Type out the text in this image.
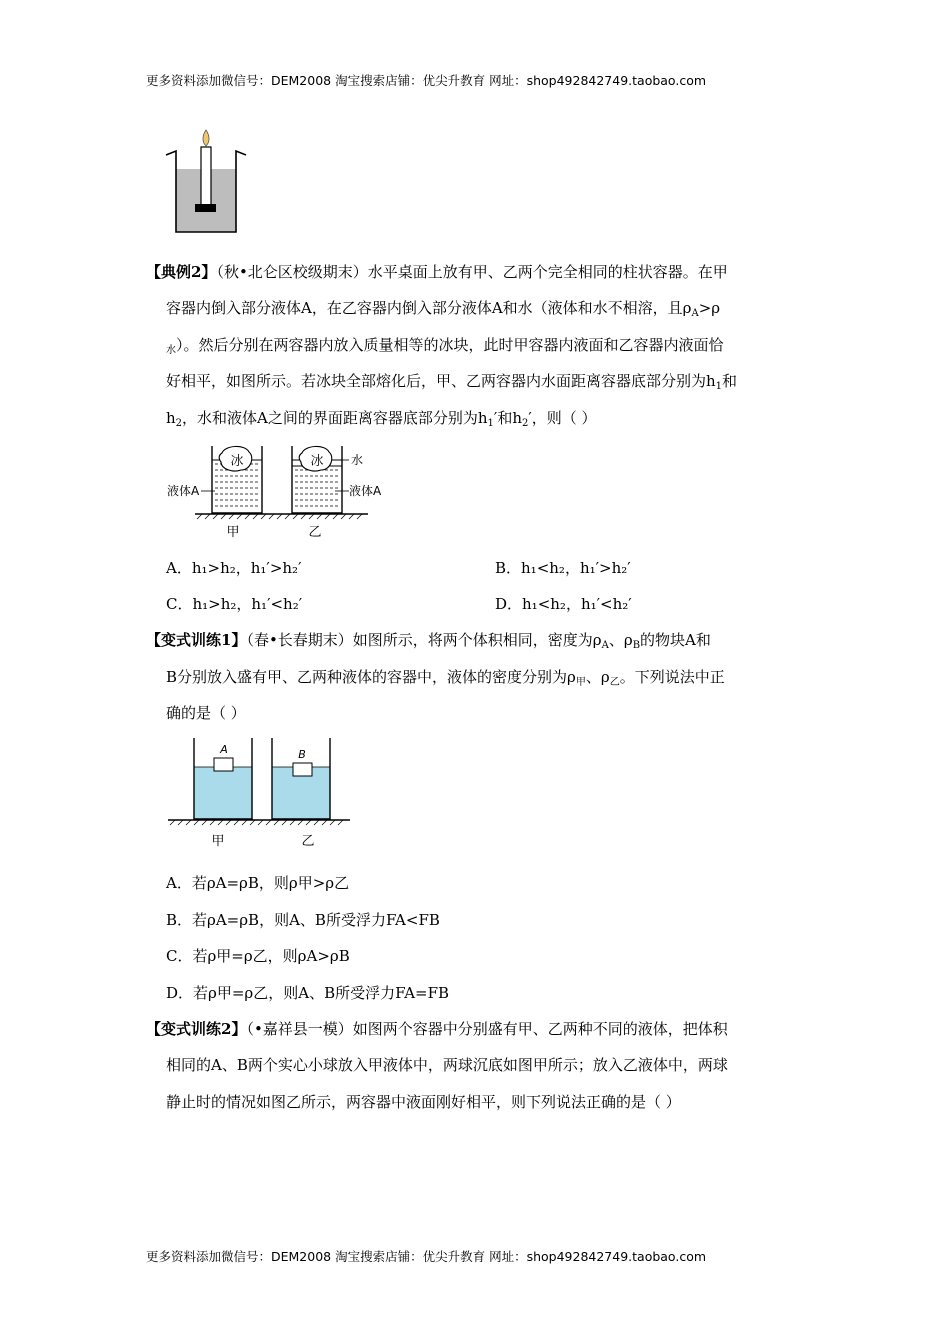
更多资料添加微信号：DEM2008 淘宝搜索店铺：优尖升教育 网址：shop492842749.taobao.com
【典例2】（秋•北仑区校级期末）水平桌面上放有甲、乙两个完全相同的柱状容器。在甲
容器内倒入部分液体A，在乙容器内倒入部分液体A和水（液体和水不相溶，且$\rho_A>\rho$
$_水$）。然后分别在两容器内放入质量相等的冰块，此时甲容器内液面和乙容器内液面恰
好相平，如图所示。若冰块全部熔化后，甲、乙两容器内水面距离容器底部分别为$h_1$和
$h_2$，水和液体A之间的界面距离容器底部分别为$h_1'$和$h_2'$，则（ ）
冰	冰 水
液体A	液体A
甲	乙
A．h₁>h₂，h₁′>h₂′	B．h₁<h₂，h₁′>h₂′
C．h₁>h₂，h₁′<h₂′	D．h₁<h₂，h₁′<h₂′
【变式训练1】（春•长春期末）如图所示，将两个体积相同，密度为$\rho_A$、$\rho_B$的物块A和
B分别放入盛有甲、乙两种液体的容器中，液体的密度分别为$\rho_甲$、$\rho_乙$。下列说法中正
确的是（ ）
A	B
甲	乙
A．若ρA=ρB，则ρ甲>ρ乙
B．若ρA=ρB，则A、B所受浮力FA<FB
C．若ρ甲=ρ乙，则ρA>ρB
D．若ρ甲=ρ乙，则A、B所受浮力FA=FB
【变式训练2】（•嘉祥县一模）如图两个容器中分别盛有甲、乙两种不同的液体，把体积
相同的A、B两个实心小球放入甲液体中，两球沉底如图甲所示；放入乙液体中，两球
静止时的情况如图乙所示，两容器中液面刚好相平，则下列说法正确的是（ ）
更多资料添加微信号：DEM2008 淘宝搜索店铺：优尖升教育 网址：shop492842749.taobao.com
